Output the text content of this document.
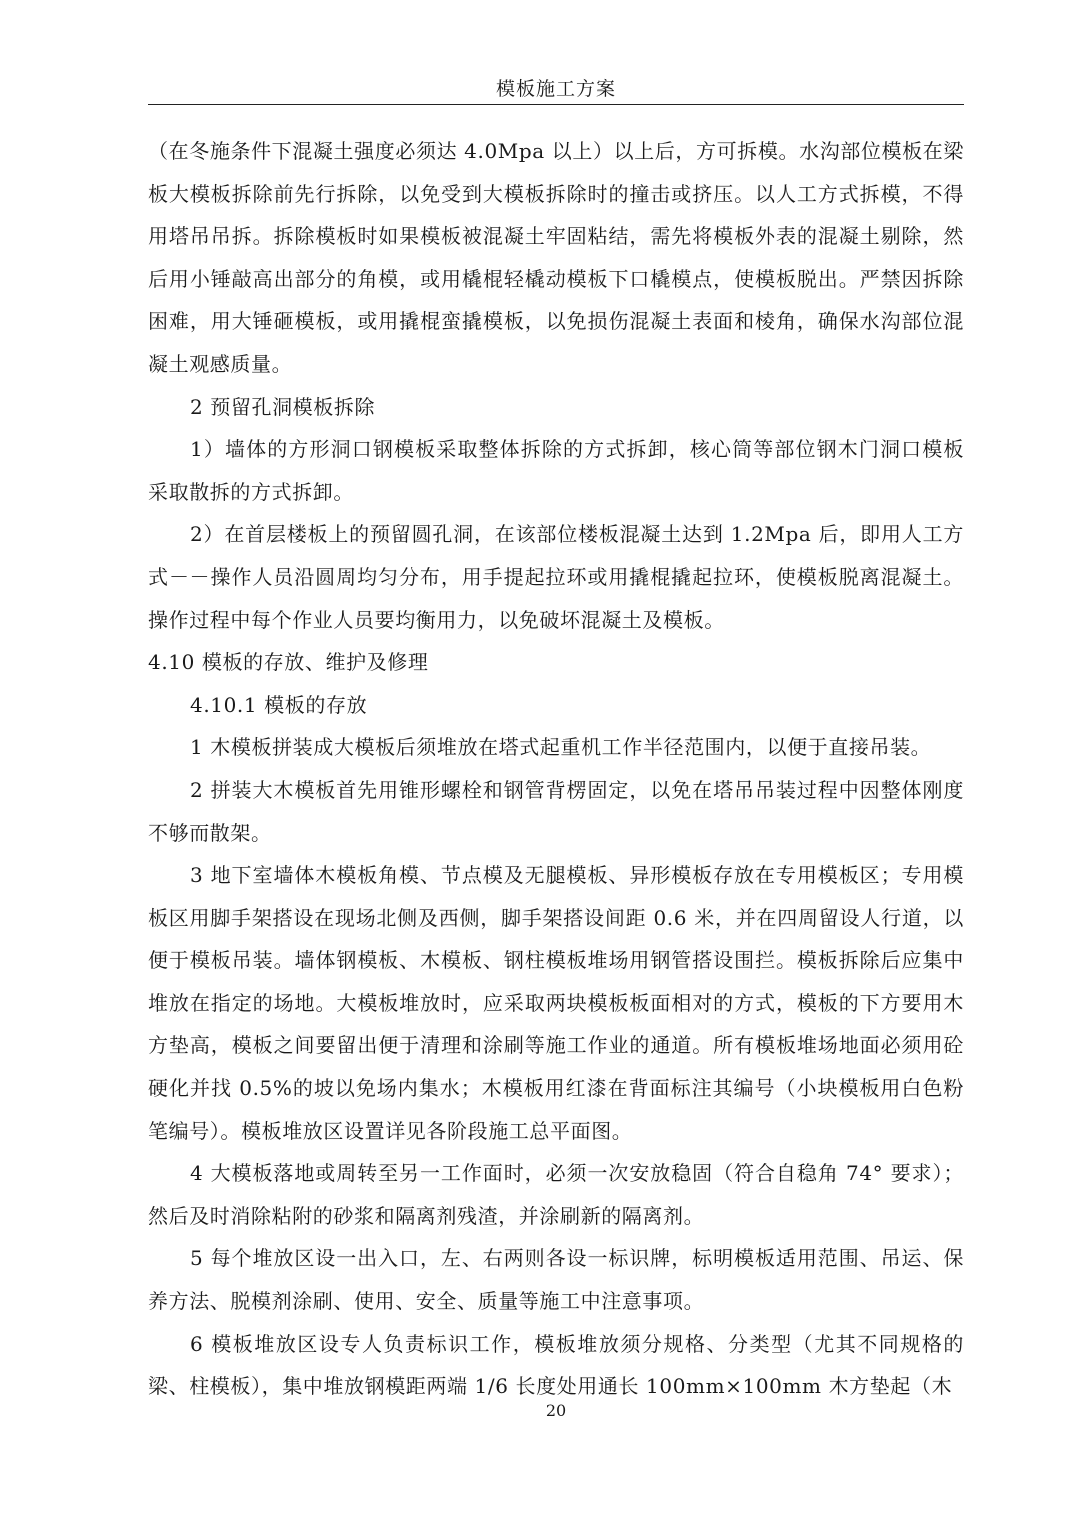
模板施工方案

（在冬施条件下混凝土强度必须达 4.0Mpa 以上）以上后，方可拆模。水沟部位模板在梁板大模板拆除前先行拆除，以免受到大模板拆除时的撞击或挤压。以人工方式拆模，不得用塔吊吊拆。拆除模板时如果模板被混凝土牢固粘结，需先将模板外表的混凝土剔除，然后用小锤敲高出部分的角模，或用橇棍轻橇动模板下口橇模点，使模板脱出。严禁因拆除困难，用大锤砸模板，或用撬棍蛮撬模板，以免损伤混凝土表面和棱角，确保水沟部位混凝土观感质量。

2 预留孔洞模板拆除

1）墙体的方形洞口钢模板采取整体拆除的方式拆卸，核心筒等部位钢木门洞口模板采取散拆的方式拆卸。

2）在首层楼板上的预留圆孔洞，在该部位楼板混凝土达到 1.2Mpa 后，即用人工方式－－操作人员沿圆周均匀分布，用手提起拉环或用撬棍撬起拉环，使模板脱离混凝土。操作过程中每个作业人员要均衡用力，以免破坏混凝土及模板。

4.10 模板的存放、维护及修理

4.10.1 模板的存放

1 木模板拼装成大模板后须堆放在塔式起重机工作半径范围内，以便于直接吊装。

2 拼装大木模板首先用锥形螺栓和钢管背楞固定，以免在塔吊吊装过程中因整体刚度不够而散架。

3 地下室墙体木模板角模、节点模及无腿模板、异形模板存放在专用模板区；专用模板区用脚手架搭设在现场北侧及西侧，脚手架搭设间距 0.6 米，并在四周留设人行道，以便于模板吊装。墙体钢模板、木模板、钢柱模板堆场用钢管搭设围拦。模板拆除后应集中堆放在指定的场地。大模板堆放时，应采取两块模板板面相对的方式，模板的下方要用木方垫高，模板之间要留出便于清理和涂刷等施工作业的通道。所有模板堆场地面必须用砼硬化并找 0.5%的坡以免场内集水；木模板用红漆在背面标注其编号（小块模板用白色粉笔编号）。模板堆放区设置详见各阶段施工总平面图。

4 大模板落地或周转至另一工作面时，必须一次安放稳固（符合自稳角 74° 要求）；然后及时消除粘附的砂浆和隔离剂残渣，并涂刷新的隔离剂。

5 每个堆放区设一出入口，左、右两则各设一标识牌，标明模板适用范围、吊运、保养方法、脱模剂涂刷、使用、安全、质量等施工中注意事项。

6 模板堆放区设专人负责标识工作，模板堆放须分规格、分类型（尤其不同规格的梁、柱模板），集中堆放钢模距两端 1/6 长度处用通长 100mm×100mm 木方垫起（木

20
